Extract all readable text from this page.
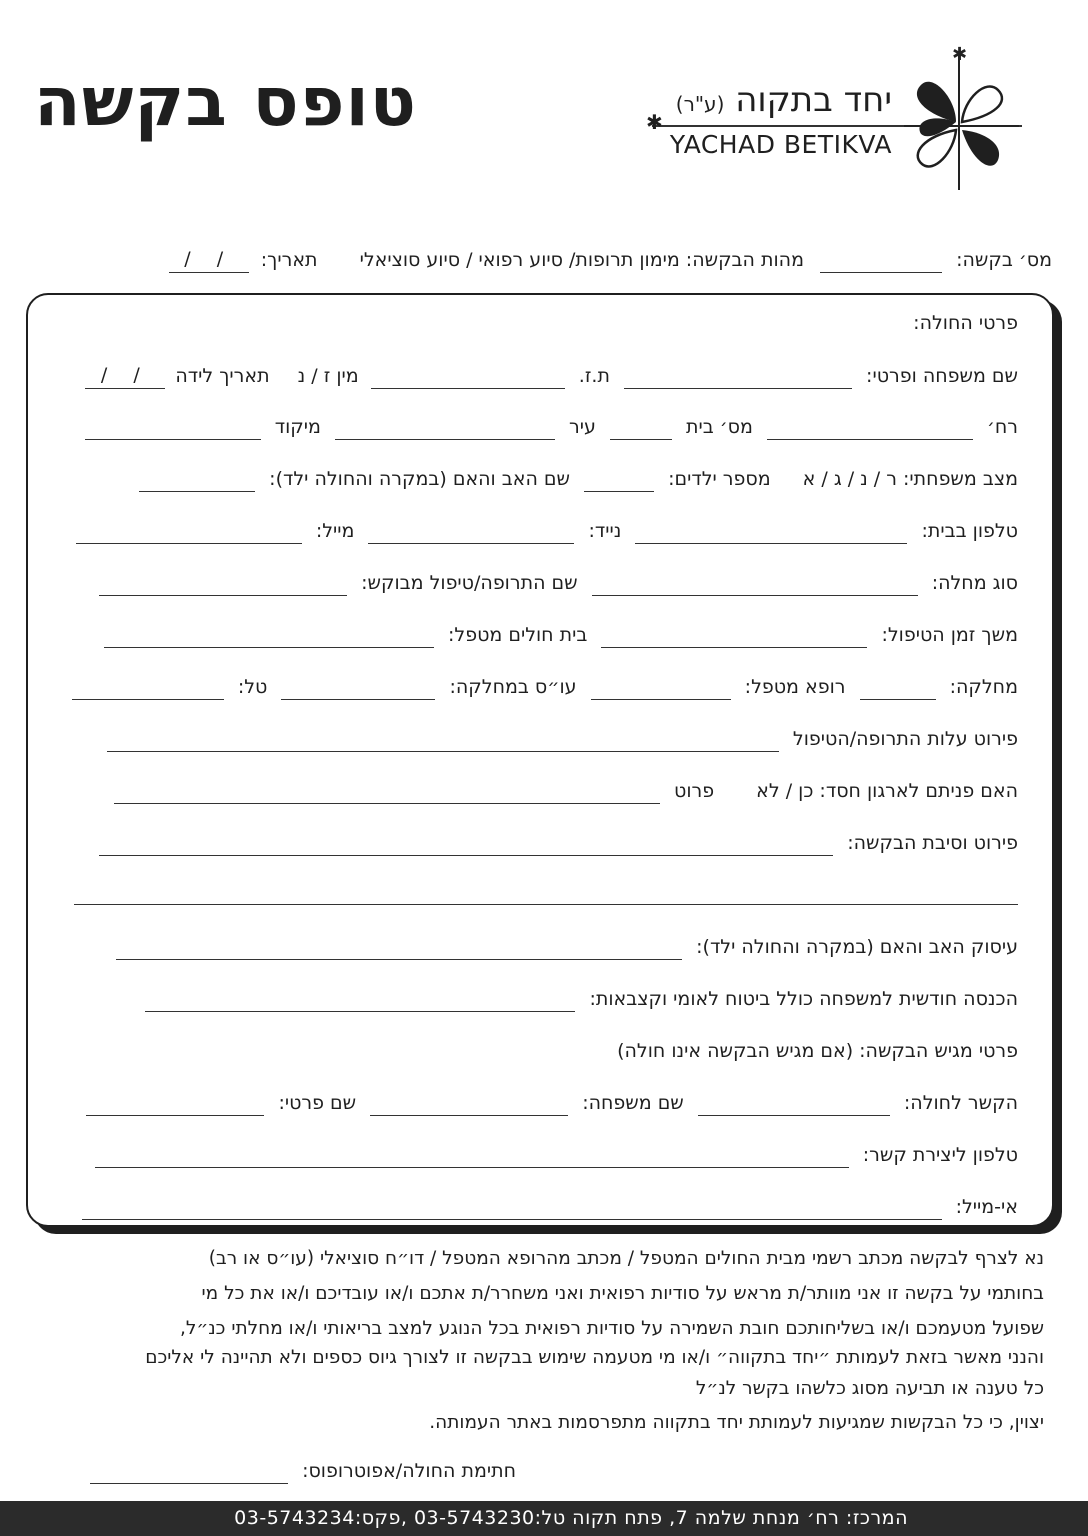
טופס בקשה	יחד בתקוה (ע"ר)
YACHAD BETIKVA
✱
✱
מס׳ בקשה:  מהות הבקשה: מימון תרופות/ סיוע רפואי / סיוע סוציאלי תאריך: / /
פרטי החולה:
שם משפחה ופרטי:  ת.ז.  מין ז / נ תאריך לידה / /
רח׳  מס׳ בית  עיר  מיקוד
מצב משפחתי: ר / נ / ג / א מספר ילדים:  שם האב והאם (במקרה והחולה ילד):
טלפון בבית:  נייד:  מייל:
סוג מחלה:  שם התרופה/טיפול מבוקש:
משך זמן הטיפול:  בית חולים מטפל:
מחלקה:  רופא מטפל:  עו״ס במחלקה:  טל:
פירוט עלות התרופה/הטיפול
האם פניתם לארגון חסד: כן / לא פרוט
פירוט וסיבת הבקשה:
עיסוק האב והאם (במקרה והחולה ילד):
הכנסה חודשית למשפחה כולל ביטוח לאומי וקצבאות:
פרטי מגיש הבקשה: (אם מגיש הבקשה אינו חולה)
הקשר לחולה:  שם משפחה:  שם פרטי:
טלפון ליצירת קשר:
אי-מייל:
נא לצרף לבקשה מכתב רשמי מבית החולים המטפל / מכתב מהרופא המטפל / דו״ח סוציאלי (עו״ס או רב)
בחותמי על בקשה זו אני מוותר/ת מראש על סודיות רפואית ואני משחרר/ת אתכם ו/או עובדיכם ו/או את כל מי
שפועל מטעמכם ו/או בשליחותכם חובת השמירה על סודיות רפואית בכל הנוגע למצב בריאותי ו/או מחלתי כנ״ל,
והנני מאשר בזאת לעמותת ״יחד בתקווה״ ו/או מי מטעמה שימוש בבקשה זו לצורך גיוס כספים ולא תהיינה לי אליכם
כל טענה או תביעה מסוג כלשהו בקשר לנ״ל
יצוין, כי כל הבקשות שמגיעות לעמותת יחד בתקווה מתפרסמות באתר העמותה.
חתימת החולה/אפוטרופוס:
המרכז: רח׳ מנחת שלמה 7, פתח תקוה טל:03-5743230 ,פקס:03-5743234
